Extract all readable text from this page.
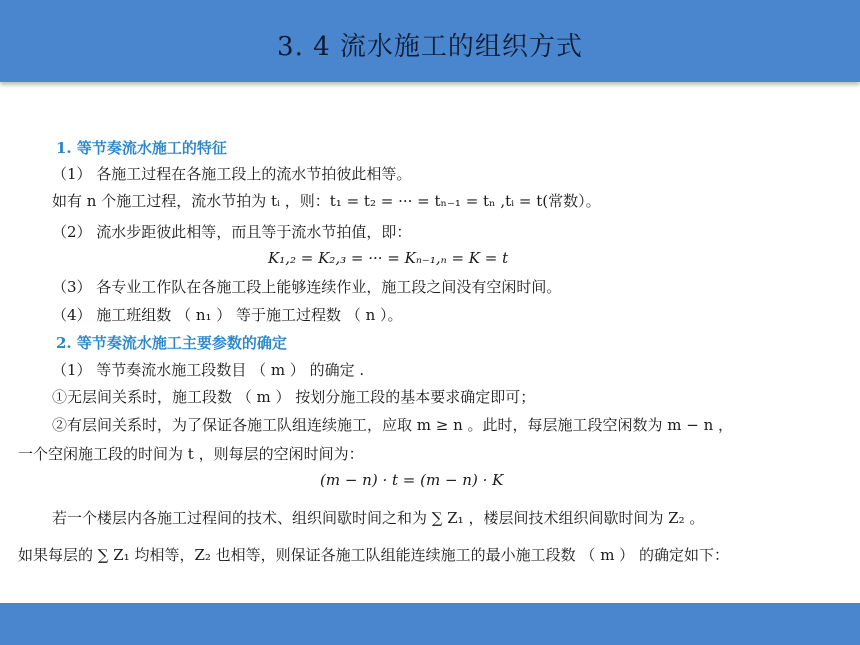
3. 4 流水施工的组织方式
1. 等节奏流水施工的特征
（1） 各施工过程在各施工段上的流水节拍彼此相等。
如有 n 个施工过程，流水节拍为 tᵢ ，则：t₁ = t₂ = ··· = tₙ₋₁ = tₙ ,tᵢ = t(常数）。
（2） 流水步距彼此相等，而且等于流水节拍值，即：
K₁,₂ = K₂,₃ = ··· = Kₙ₋₁,ₙ = K = t
（3） 各专业工作队在各施工段上能够连续作业，施工段之间没有空闲时间。
（4） 施工班组数 （ n₁ ） 等于施工过程数 （ n ）。
2. 等节奏流水施工主要参数的确定
（1） 等节奏流水施工段数目 （ m ） 的确定 .
①无层间关系时，施工段数 （ m ） 按划分施工段的基本要求确定即可；
②有层间关系时，为了保证各施工队组连续施工，应取 m ≥ n 。此时，每层施工段空闲数为 m − n ，
一个空闲施工段的时间为 t ，则每层的空闲时间为：
(m − n) · t = (m − n) · K
若一个楼层内各施工过程间的技术、组织间歇时间之和为 ∑ Z₁ ，楼层间技术组织间歇时间为 Z₂ 。
如果每层的 ∑ Z₁ 均相等，Z₂ 也相等，则保证各施工队组能连续施工的最小施工段数 （ m ） 的确定如下：
